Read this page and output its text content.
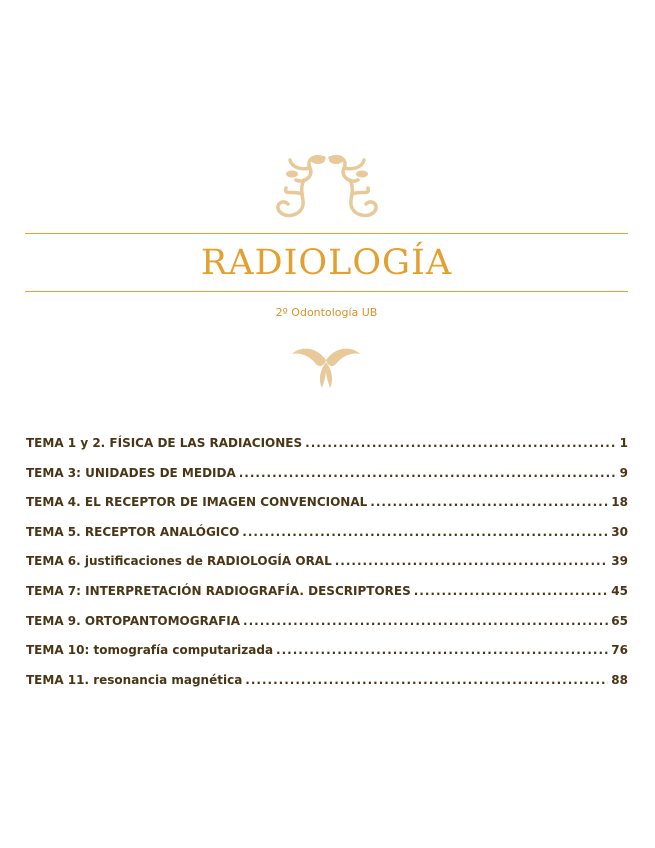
RADIOLOGÍA
2º Odontología UB
TEMA 1 y 2. FÍSICA DE LAS RADIACIONES .....	1
TEMA 3: UNIDADES DE MEDIDA .....	9
TEMA 4. EL RECEPTOR DE IMAGEN CONVENCIONAL .....	18
TEMA 5. RECEPTOR ANALÓGICO .....	30
TEMA 6. justificaciones de RADIOLOGÍA ORAL .....	39
TEMA 7: INTERPRETACIÓN RADIOGRAFÍA. DESCRIPTORES .....	45
TEMA 9. ORTOPANTOMOGRAFIA .....	65
TEMA 10: tomografía computarizada .....	76
TEMA 11. resonancia magnética .....	88
